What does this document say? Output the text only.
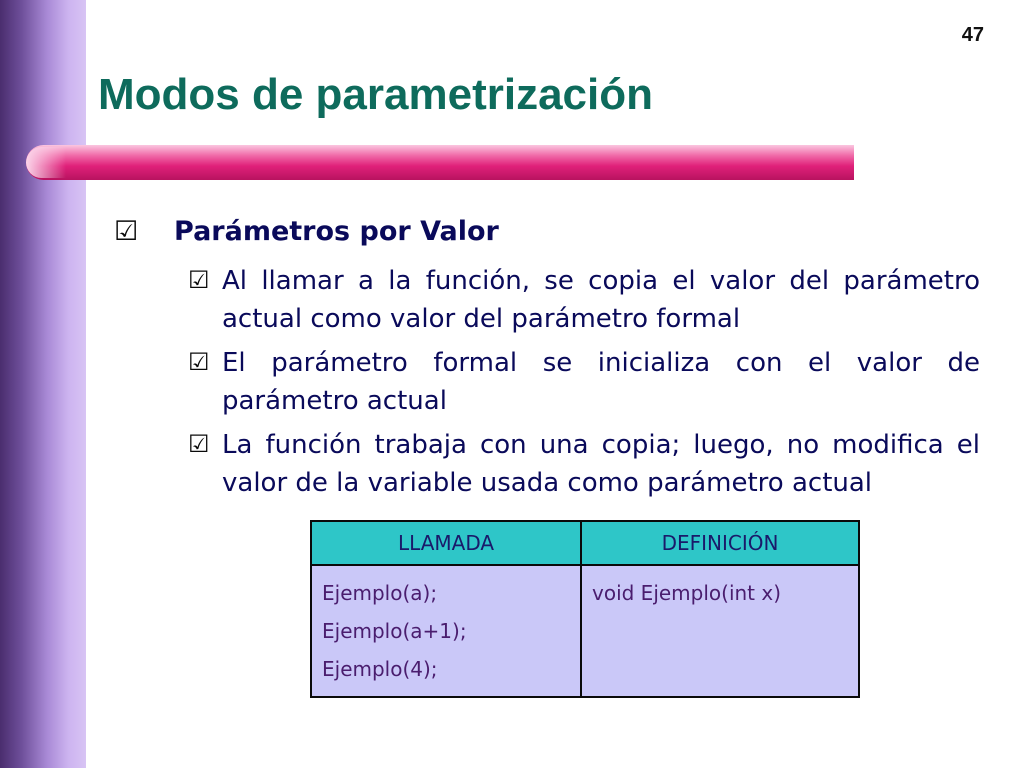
47
Modos de parametrización
☑ Parámetros por Valor
☑ Al llamar a la función, se copia el valor del parámetro actual como valor del parámetro formal
☑ El parámetro formal se inicializa con el valor de parámetro actual
☑ La función trabaja con una copia; luego, no modifica el valor de la variable usada como parámetro actual
LLAMADA	DEFINICIÓN

Ejemplo(a);
Ejemplo(a+1);
Ejemplo(4);	void Ejemplo(int x)
